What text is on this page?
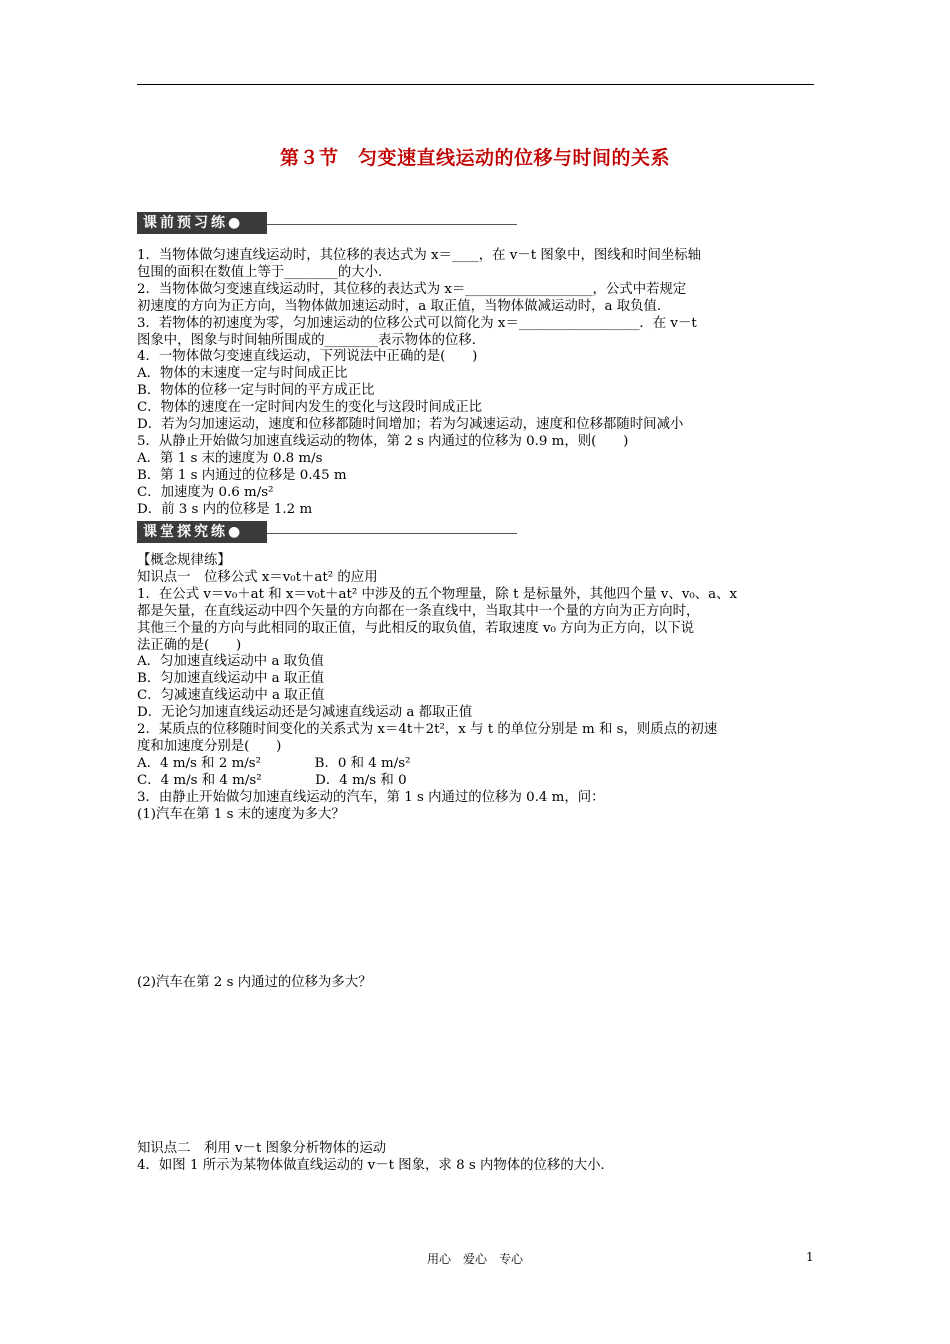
第３节　匀变速直线运动的位移与时间的关系
课前预习练●

1．当物体做匀速直线运动时，其位移的表达式为 x＝____，在 v－t 图象中，图线和时间坐标轴

包围的面积在数值上等于________的大小．

2．当物体做匀变速直线运动时，其位移的表达式为 x＝___________________，公式中若规定

初速度的方向为正方向，当物体做加速运动时，a 取正值，当物体做减运动时，a 取负值．

3．若物体的初速度为零，匀加速运动的位移公式可以简化为 x＝__________________．在 v－t

图象中，图象与时间轴所围成的________表示物体的位移．

4．一物体做匀变速直线运动，下列说法中正确的是(　　)

A．物体的末速度一定与时间成正比

B．物体的位移一定与时间的平方成正比

C．物体的速度在一定时间内发生的变化与这段时间成正比

D．若为匀加速运动，速度和位移都随时间增加；若为匀减速运动，速度和位移都随时间减小

5．从静止开始做匀加速直线运动的物体，第 2 s 内通过的位移为 0.9 m，则(　　)

A．第 1 s 末的速度为 0.8 m/s

B．第 1 s 内通过的位移是 0.45 m

C．加速度为 0.6 m/s²

D．前 3 s 内的位移是 1.2 m

课堂探究练●

【概念规律练】

知识点一　位移公式 x＝v₀t＋at² 的应用

1．在公式 v＝v₀＋at 和 x＝v₀t＋at² 中涉及的五个物理量，除 t 是标量外，其他四个量 v、v₀、a、x

都是矢量，在直线运动中四个矢量的方向都在一条直线中，当取其中一个量的方向为正方向时，

其他三个量的方向与此相同的取正值，与此相反的取负值，若取速度 v₀ 方向为正方向，以下说

法正确的是(　　)

A．匀加速直线运动中 a 取负值

B．匀加速直线运动中 a 取正值

C．匀减速直线运动中 a 取正值

D．无论匀加速直线运动还是匀减速直线运动 a 都取正值

2．某质点的位移随时间变化的关系式为 x＝4t＋2t²，x 与 t 的单位分别是 m 和 s，则质点的初速

度和加速度分别是(　　)

A．4 m/s 和 2 m/s²　　　　B．0 和 4 m/s²

C．4 m/s 和 4 m/s²　　　　D．4 m/s 和 0

3．由静止开始做匀加速直线运动的汽车，第 1 s 内通过的位移为 0.4 m，问：

(1)汽车在第 1 s 末的速度为多大？

(2)汽车在第 2 s 内通过的位移为多大？

知识点二　利用 v－t 图象分析物体的运动

4．如图 1 所示为某物体做直线运动的 v－t 图象，求 8 s 内物体的位移的大小．

用心　爱心　专心	1
